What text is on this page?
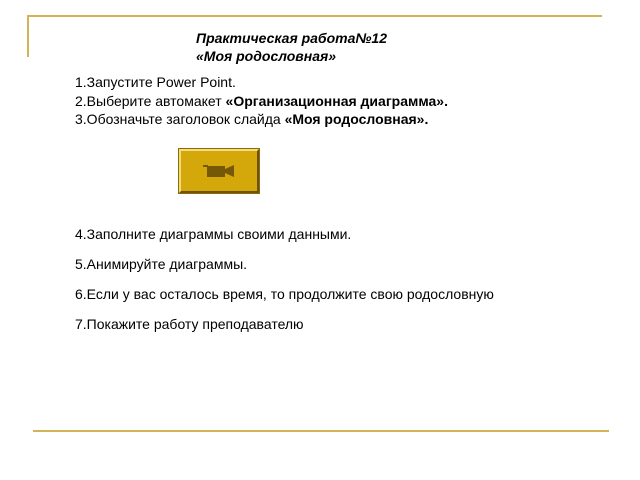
Практическая работа№12
«Моя родословная»
1.Запустите Power Point.
2.Выберите автомакет «Организационная диаграмма».
3.Обозначьте заголовок слайда «Моя родословная».
4.Заполните диаграммы своими данными.
5.Анимируйте диаграммы.
6.Если у вас осталось время, то продолжите свою родословную
7.Покажите работу преподавателю
